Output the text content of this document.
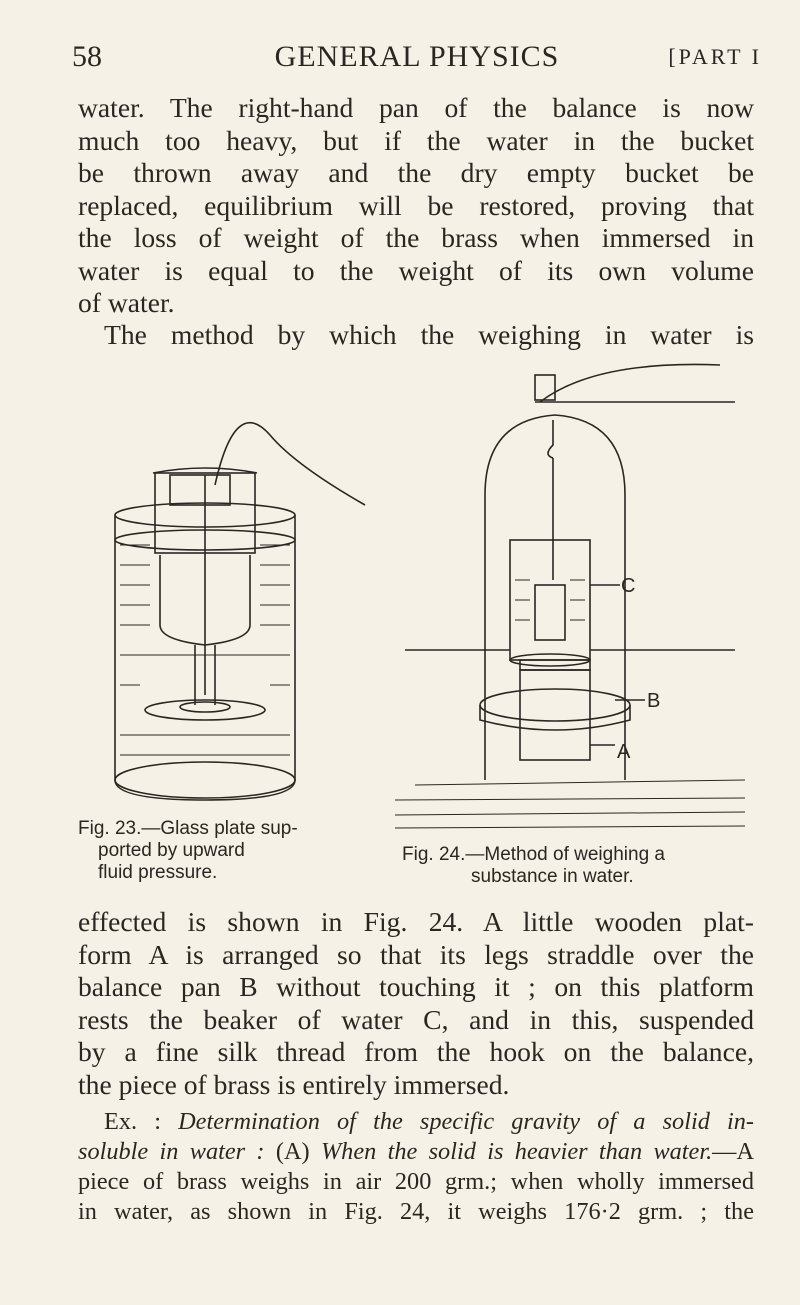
58	GENERAL PHYSICS	[PART I

water. The right-hand pan of the balance is now
much too heavy, but if the water in the bucket
be thrown away and the dry empty bucket be
replaced, equilibrium will be restored, proving that
the loss of weight of the brass when immersed in
water is equal to the weight of its own volume
of water.

The method by which the weighing in water is

Fig. 23.—Glass plate sup-
ported by upward
fluid pressure.
C
B
A
Fig. 24.—Method of weighing a
substance in water.

effected is shown in Fig. 24. A little wooden plat-
form A is arranged so that its legs straddle over the
balance pan B without touching it ; on this platform
rests the beaker of water C, and in this, suspended
by a fine silk thread from the hook on the balance,
the piece of brass is entirely immersed.

Ex. : Determination of the specific gravity of a solid in-
soluble in water : (A) When the solid is heavier than water.—A
piece of brass weighs in air 200 grm.; when wholly immersed
in water, as shown in Fig. 24, it weighs 176·2 grm. ; the
